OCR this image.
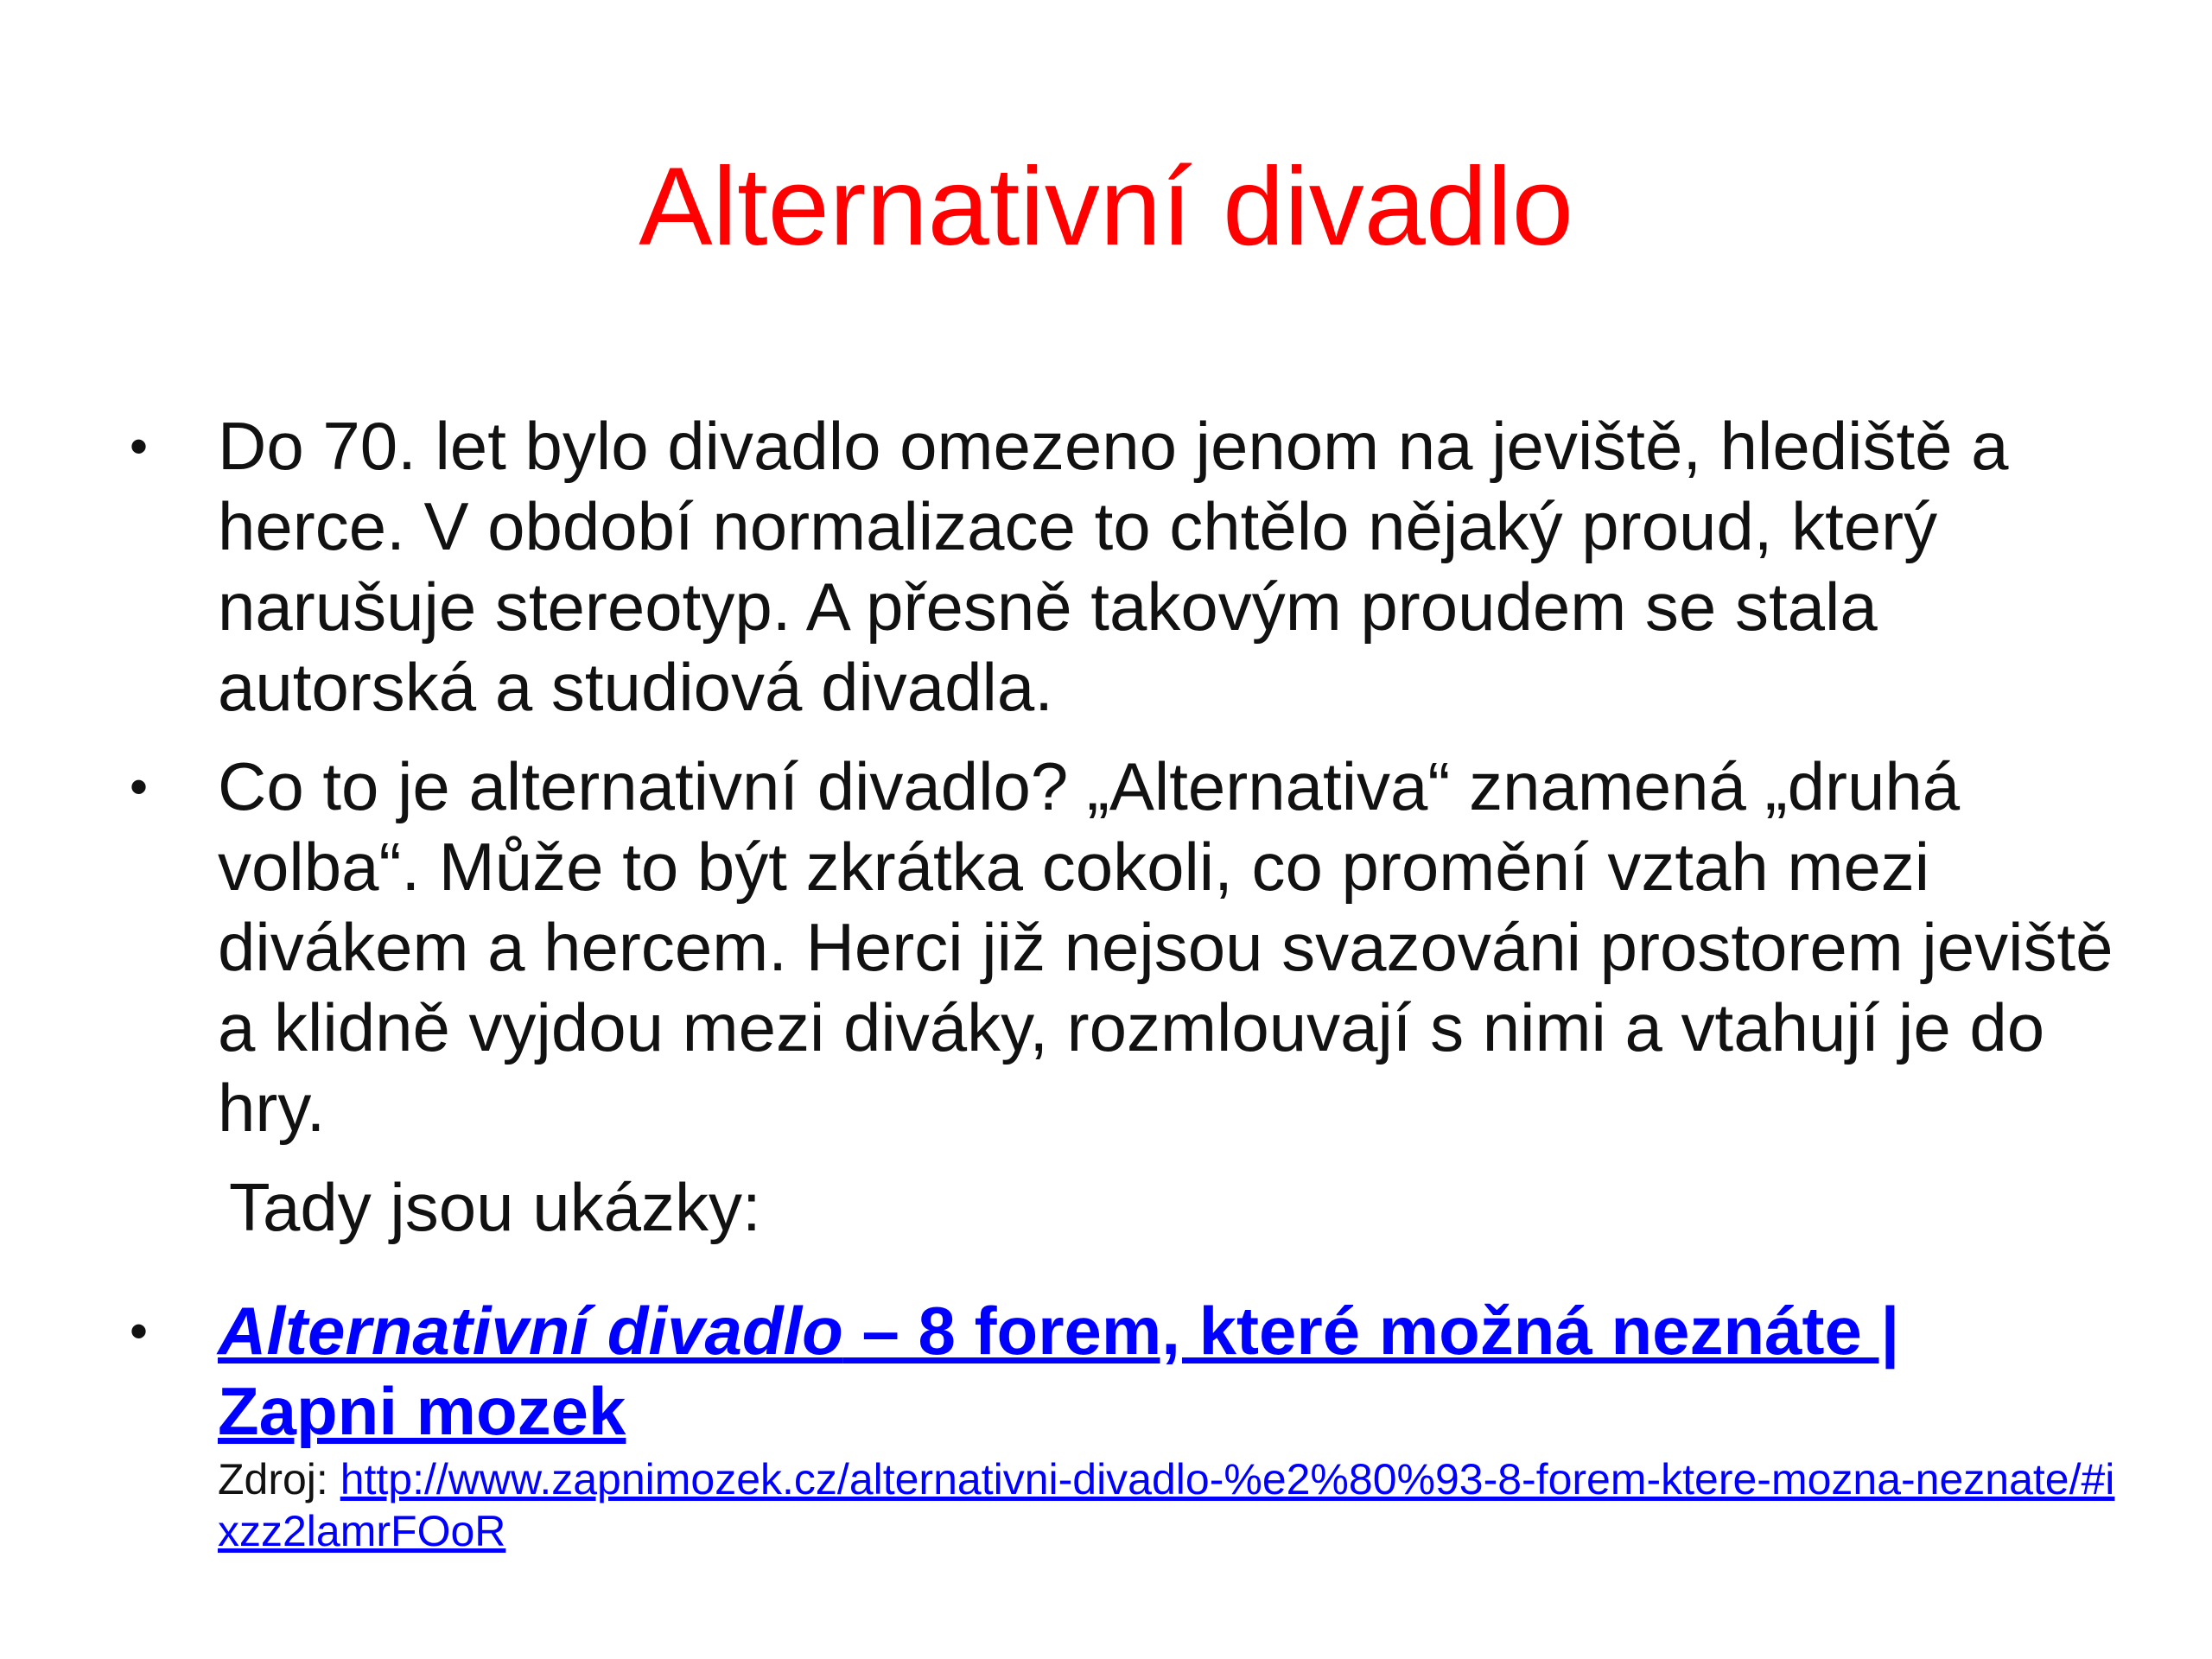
Alternativní divadlo
•	Do 70. let bylo divadlo omezeno jenom na jeviště, hlediště a herce. V období normalizace to chtělo nějaký proud, který narušuje stereotyp. A přesně takovým proudem se stala autorská a studiová divadla.
•	Co to je alternativní divadlo? „Alternativa“ znamená „druhá volba“. Může to být zkrátka cokoli, co promění vztah mezi divákem a hercem. Herci již nejsou svazováni prostorem jeviště a klidně vyjdou mezi diváky, rozmlouvají s nimi a vtahují je do hry.
Tady jsou ukázky:
•	Alternativní divadlo – 8 forem, které možná neznáte |
Zapni mozek
Zdroj: http://www.zapnimozek.cz/alternativni-divadlo-%e2%80%93-8-forem-ktere-mozna-neznate/#ixzz2lamrFOoR
